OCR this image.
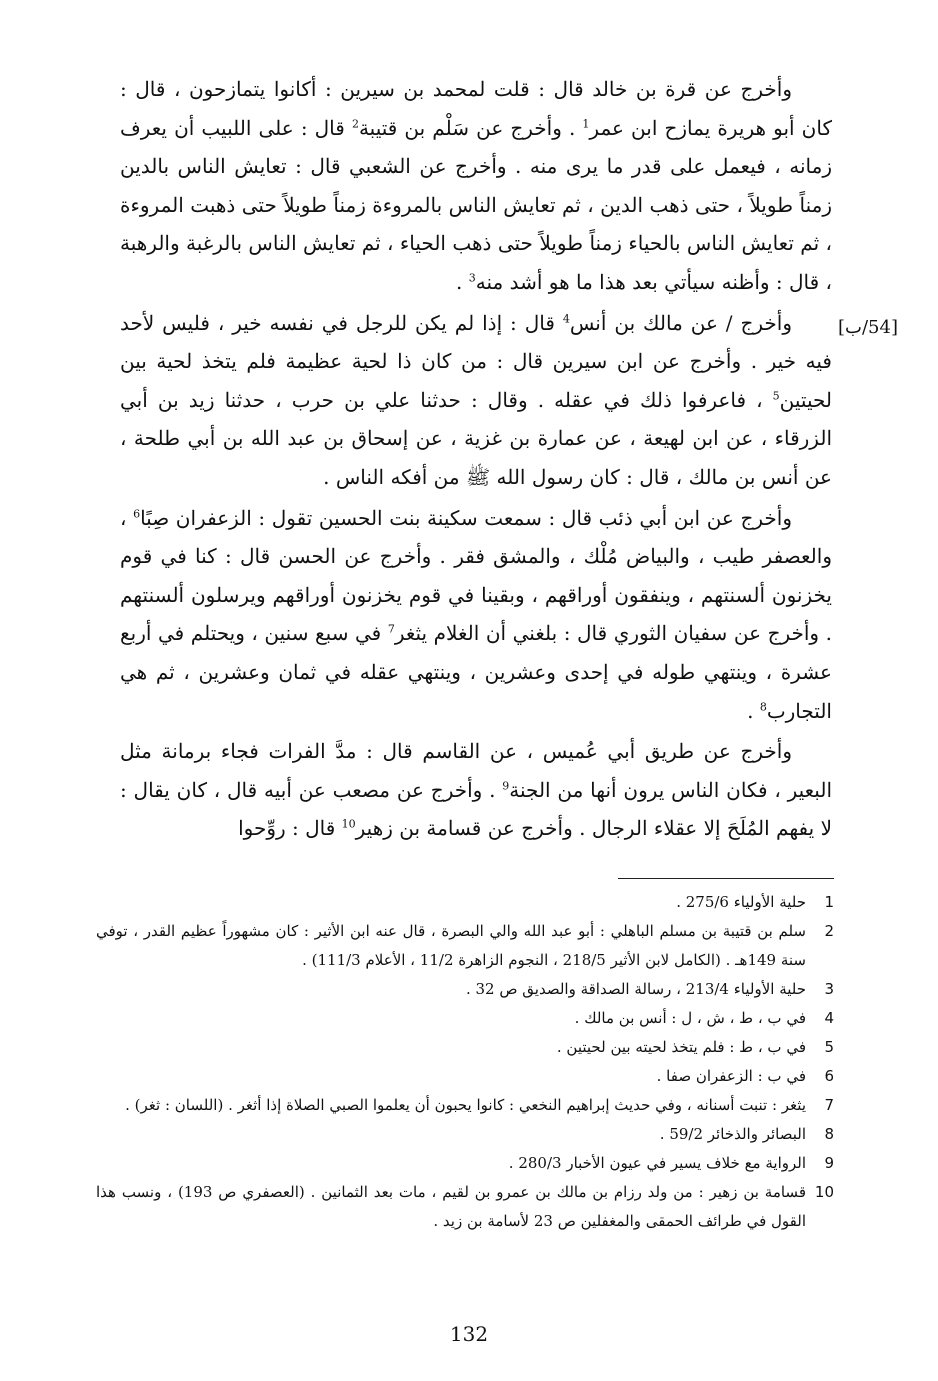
[54/ب]

وأخرج عن قرة بن خالد قال : قلت لمحمد بن سيرين : أكانوا يتمازحون ، قال : كان أبو هريرة يمازح ابن عمر$^1$ . وأخرج عن سَلْم بن قتيبة$^2$ قال : على اللبيب أن يعرف زمانه ، فيعمل على قدر ما يرى منه . وأخرج عن الشعبي قال : تعايش الناس بالدين زمناً طويلاً ، حتى ذهب الدين ، ثم تعايش الناس بالمروءة زمناً طويلاً حتى ذهبت المروءة ، ثم تعايش الناس بالحياء زمناً طويلاً حتى ذهب الحياء ، ثم تعايش الناس بالرغبة والرهبة ، قال : وأظنه سيأتي بعد هذا ما هو أشد منه$^3$ .

وأخرج / عن مالك بن أنس$^4$ قال : إذا لم يكن للرجل في نفسه خير ، فليس لأحد فيه خير . وأخرج عن ابن سيرين قال : من كان ذا لحية عظيمة فلم يتخذ لحية بين لحيتين$^5$ ، فاعرفوا ذلك في عقله . وقال : حدثنا علي بن حرب ، حدثنا زيد بن أبي الزرقاء ، عن ابن لهيعة ، عن عمارة بن غزية ، عن إسحاق بن عبد الله بن أبي طلحة ، عن أنس بن مالك ، قال : كان رسول الله ﷺ من أفكه الناس .

وأخرج عن ابن أبي ذئب قال : سمعت سكينة بنت الحسين تقول : الزعفران صِبًا$^6$ ، والعصفر طيب ، والبياض مُلْك ، والمشق فقر . وأخرج عن الحسن قال : كنا في قوم يخزنون ألسنتهم ، وينفقون أوراقهم ، وبقينا في قوم يخزنون أوراقهم ويرسلون ألسنتهم . وأخرج عن سفيان الثوري قال : بلغني أن الغلام يثغر$^7$ في سبع سنين ، ويحتلم في أربع عشرة ، وينتهي طوله في إحدى وعشرين ، وينتهي عقله في ثمان وعشرين ، ثم هي التجارب$^8$ .

وأخرج عن طريق أبي عُميس ، عن القاسم قال : مدَّ الفرات فجاء برمانة مثل البعير ، فكان الناس يرون أنها من الجنة$^9$ . وأخرج عن مصعب عن أبيه قال ، كان يقال : لا يفهم المُلَحَ إلا عقلاء الرجال . وأخرج عن قسامة بن زهير$^{10}$ قال : روِّحوا

1
حلية الأولياء 275/6 .
2
سلم بن قتيبة بن مسلم الباهلي : أبو عبد الله والي البصرة ، قال عنه ابن الأثير : كان مشهوراً عظيم القدر ، توفي سنة 149هـ . (الكامل لابن الأثير 218/5 ، النجوم الزاهرة 11/2 ، الأعلام 111/3) .
3
حلية الأولياء 213/4 ، رسالة الصداقة والصديق ص 32 .
4
في ب ، ط ، ش ، ل : أنس بن مالك .
5
في ب ، ط : فلم يتخذ لحيته بين لحيتين .
6
في ب : الزعفران صفا .
7
يثغر : تنبت أسنانه ، وفي حديث إبراهيم النخعي : كانوا يحبون أن يعلموا الصبي الصلاة إذا أثغر . (اللسان : ثغر) .
8
البصائر والذخائر 59/2 .
9
الرواية مع خلاف يسير في عيون الأخبار 280/3 .
10
قسامة بن زهير : من ولد رزام بن مالك بن عمرو بن لقيم ، مات بعد الثمانين . (العصفري ص 193) ، ونسب هذا القول في طرائف الحمقى والمغفلين ص 23 لأسامة بن زيد .
132
